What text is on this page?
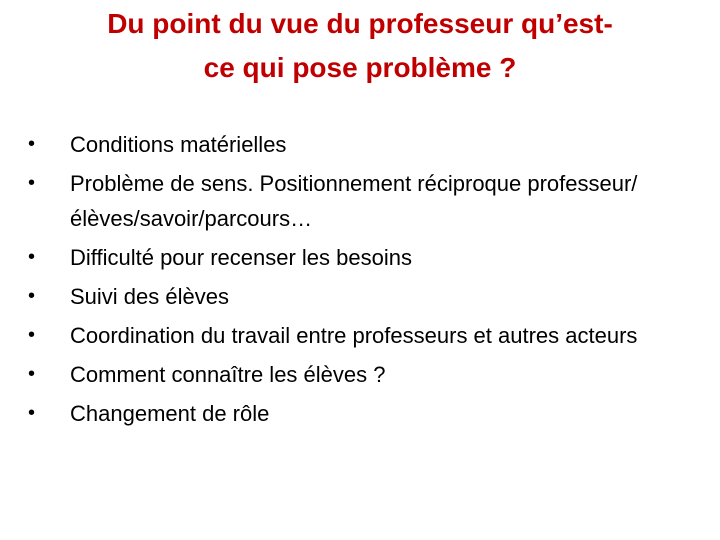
Du point du vue du professeur qu’est-
ce qui pose problème ?
•	Conditions matérielles
•	Problème de sens. Positionnement réciproque professeur/élèves/savoir/parcours…
•	Difficulté pour recenser les besoins
•	Suivi des élèves
•	Coordination du travail entre professeurs et autres acteurs
•	Comment connaître les élèves ?
•	Changement de rôle
